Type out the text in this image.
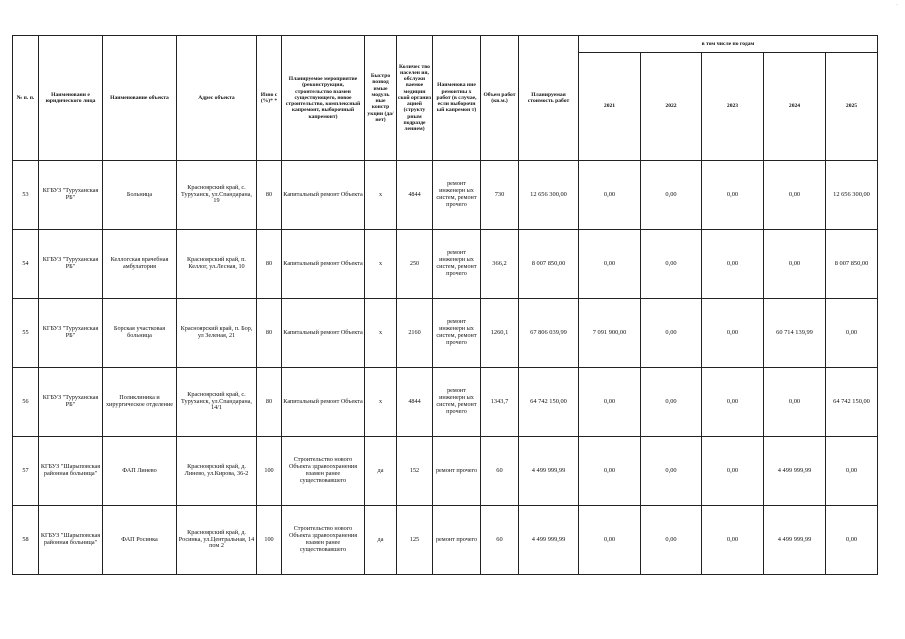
·
№ п. п.	Наименовани е юридического лица	Наименование объекта	Адрес объекта	Изно с (%)* *	Планируемое мероприятие (реконструкция, строительство взамен существующего, новое строительство, комплексный капремонт, выборочный капремонт)	Быстро возвод имые модуль ные констр укции (да/нет)	Количес тво населен ия, обслужи ваемое медицин ской организ ацией (структу рным подразде лением)	Наименова ние ремонтны х работ (в случае, если выборочн ый капремон т)	Объем работ (кв.м.)	Планируемая стоимость работ	в том числе по годам				
											2021	2022	2023	2024	2025
53	КГБУЗ "Туруханская РБ"	Больница	Красноярский край, с. Туруханск, ул.Спандарана, 19	80	Капитальный ремонт Объекта	х	4844	ремонт инженерн ых систем, ремонт прочего	730	12 656 300,00	0,00	0,00	0,00	0,00	12 656 300,00
54	КГБУЗ "Туруханская РБ"	Келлогская врачебная амбулатория	Красноярский край, п. Келлог, ул.Лесная, 10	80	Капитальный ремонт Объекта	х	250	ремонт инженерн ых систем, ремонт прочего	366,2	8 007 850,00	0,00	0,00	0,00	0,00	8 007 850,00
55	КГБУЗ "Туруханская РБ"	Борская участковая больница	Красноярский край, п. Бор, ул Зеленая, 21	80	Капитальный ремонт Объекта	х	2160	ремонт инженерн ых систем, ремонт прочего	1260,1	67 806 039,99	7 091 900,00	0,00	0,00	60 714 139,99	0,00
56	КГБУЗ "Туруханская РБ"	Поликлиника и хирургическое отделение	Красноярский край, с. Туруханск, ул.Спандарана, 14/1	80	Капитальный ремонт Объекта	х	4844	ремонт инженерн ых систем, ремонт прочего	1343,7	64 742 150,00	0,00	0,00	0,00	0,00	64 742 150,00
57	КГБУЗ "Шарыповская районная больница"	ФАП Линево	Красноярский край, д. Линево, ул.Кирова, 36-2	100	Строительство нового Объекта здравоохранения взамен ранее существовавшего	да	152	ремонт прочего	60	4 499 999,99	0,00	0,00	0,00	4 499 999,99	0,00
58	КГБУЗ "Шарыповская районная больница"	ФАП Росинка	Красноярский край, д. Росинка, ул.Центральная, 14 пом 2	100	Строительство нового Объекта здравоохранения взамен ранее существовавшего	да	125	ремонт прочего	60	4 499 999,99	0,00	0,00	0,00	4 499 999,99	0,00
